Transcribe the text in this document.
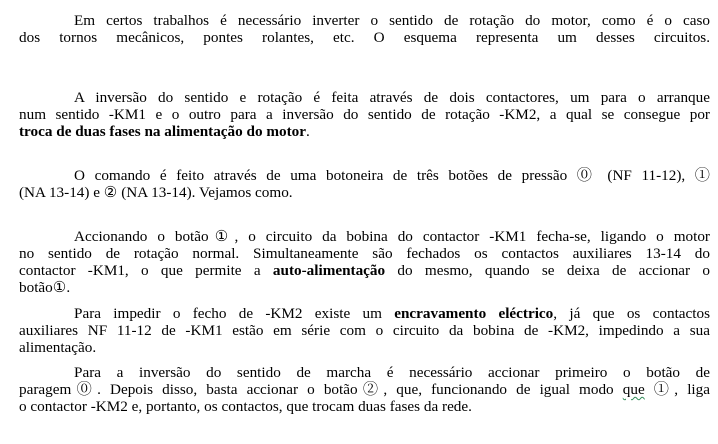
Em certos trabalhos é necessário inverter o sentido de rotação do motor, como é o caso
dos tornos mecânicos, pontes rolantes, etc. O esquema representa um desses circuitos.
A inversão do sentido e rotação é feita através de dois contactores, um para o arranque
num sentido -KM1 e o outro para a inversão do sentido de rotação -KM2, a qual se consegue por
troca de duas fases na alimentação do motor.
O comando é feito através de uma botoneira de três botões de pressão ⓪ (NF 11-12), ①
(NA 13-14) e ② (NA 13-14). Vejamos como.
Accionando o botão①, o circuito da bobina do contactor -KM1 fecha-se, ligando o motor
no sentido de rotação normal. Simultaneamente são fechados os contactos auxiliares 13-14 do
contactor -KM1, o que permite a auto-alimentação do mesmo, quando se deixa de accionar o
botão①.
Para impedir o fecho de -KM2 existe um encravamento eléctrico, já que os contactos
auxiliares NF 11-12 de -KM1 estão em série com o circuito da bobina de -KM2, impedindo a sua
alimentação.
Para a inversão do sentido de marcha é necessário accionar primeiro o botão de
paragem⓪. Depois disso, basta accionar o botão②, que, funcionando de igual modo que ①, liga
o contactor -KM2 e, portanto, os contactos, que trocam duas fases da rede.
